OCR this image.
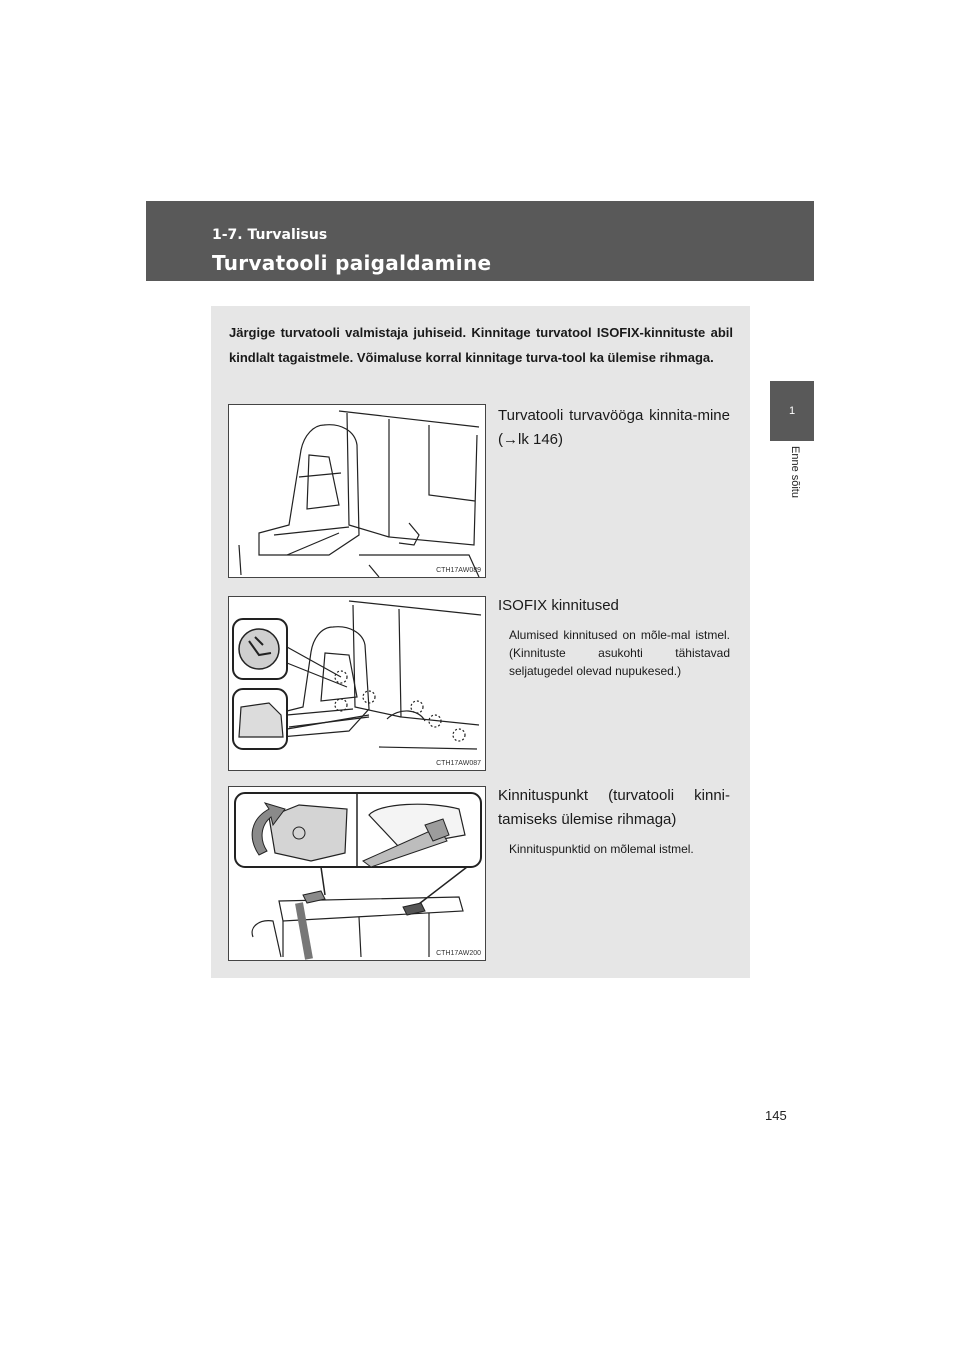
1-7. Turvalisus
Turvatooli paigaldamine
1
Enne sõitu
Järgige turvatooli valmistaja juhiseid. Kinnitage turvatool ISOFIX-kinnituste abil kindlalt tagaistmele. Võimaluse korral kinnitage turva-tool ka ülemise rihmaga.
CTH17AW089
Turvatooli turvavööga kinnita-mine (→lk 146)
CTH17AW087
ISOFIX kinnitused
Alumised kinnitused on mõle-mal istmel. (Kinnituste asukohti tähistavad seljatugedel olevad nupukesed.)
CTH17AW200
Kinnituspunkt (turvatooli kinni-tamiseks ülemise rihmaga)
Kinnituspunktid on mõlemal istmel.
145
